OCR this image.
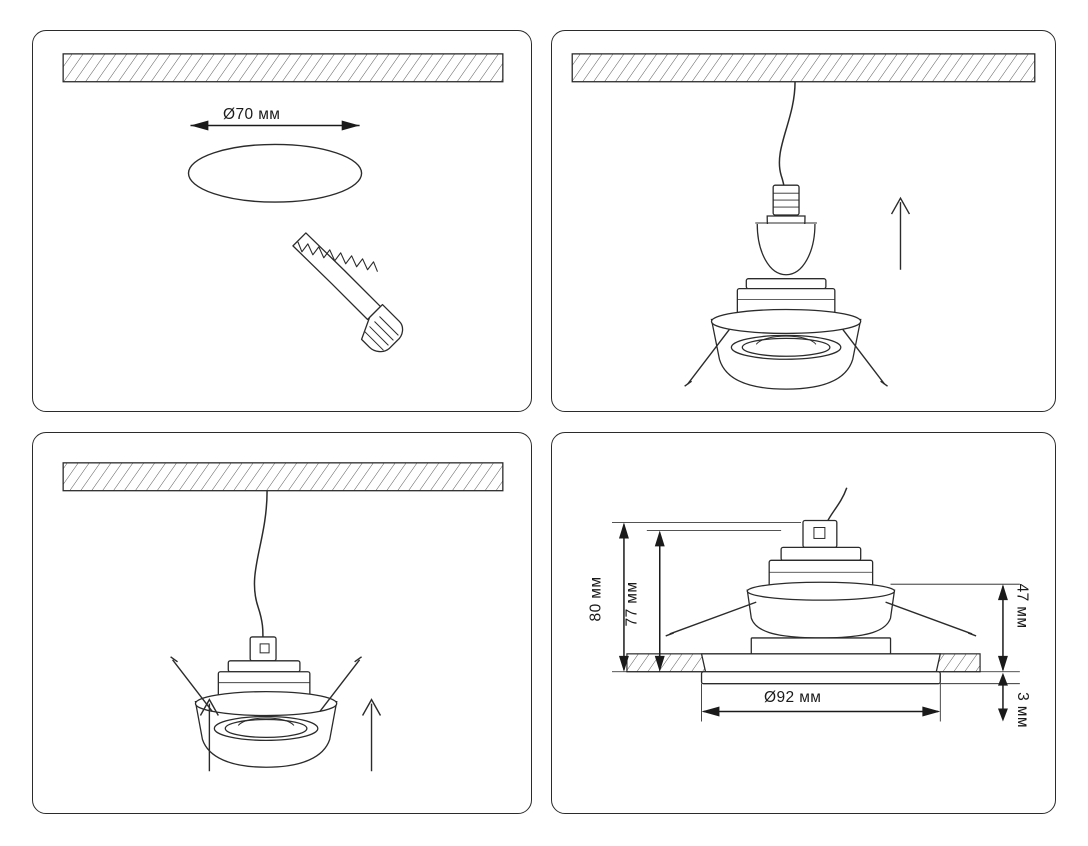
Ø70 мм
80 мм 77 мм	47 мм
3 мм
Ø92 мм
